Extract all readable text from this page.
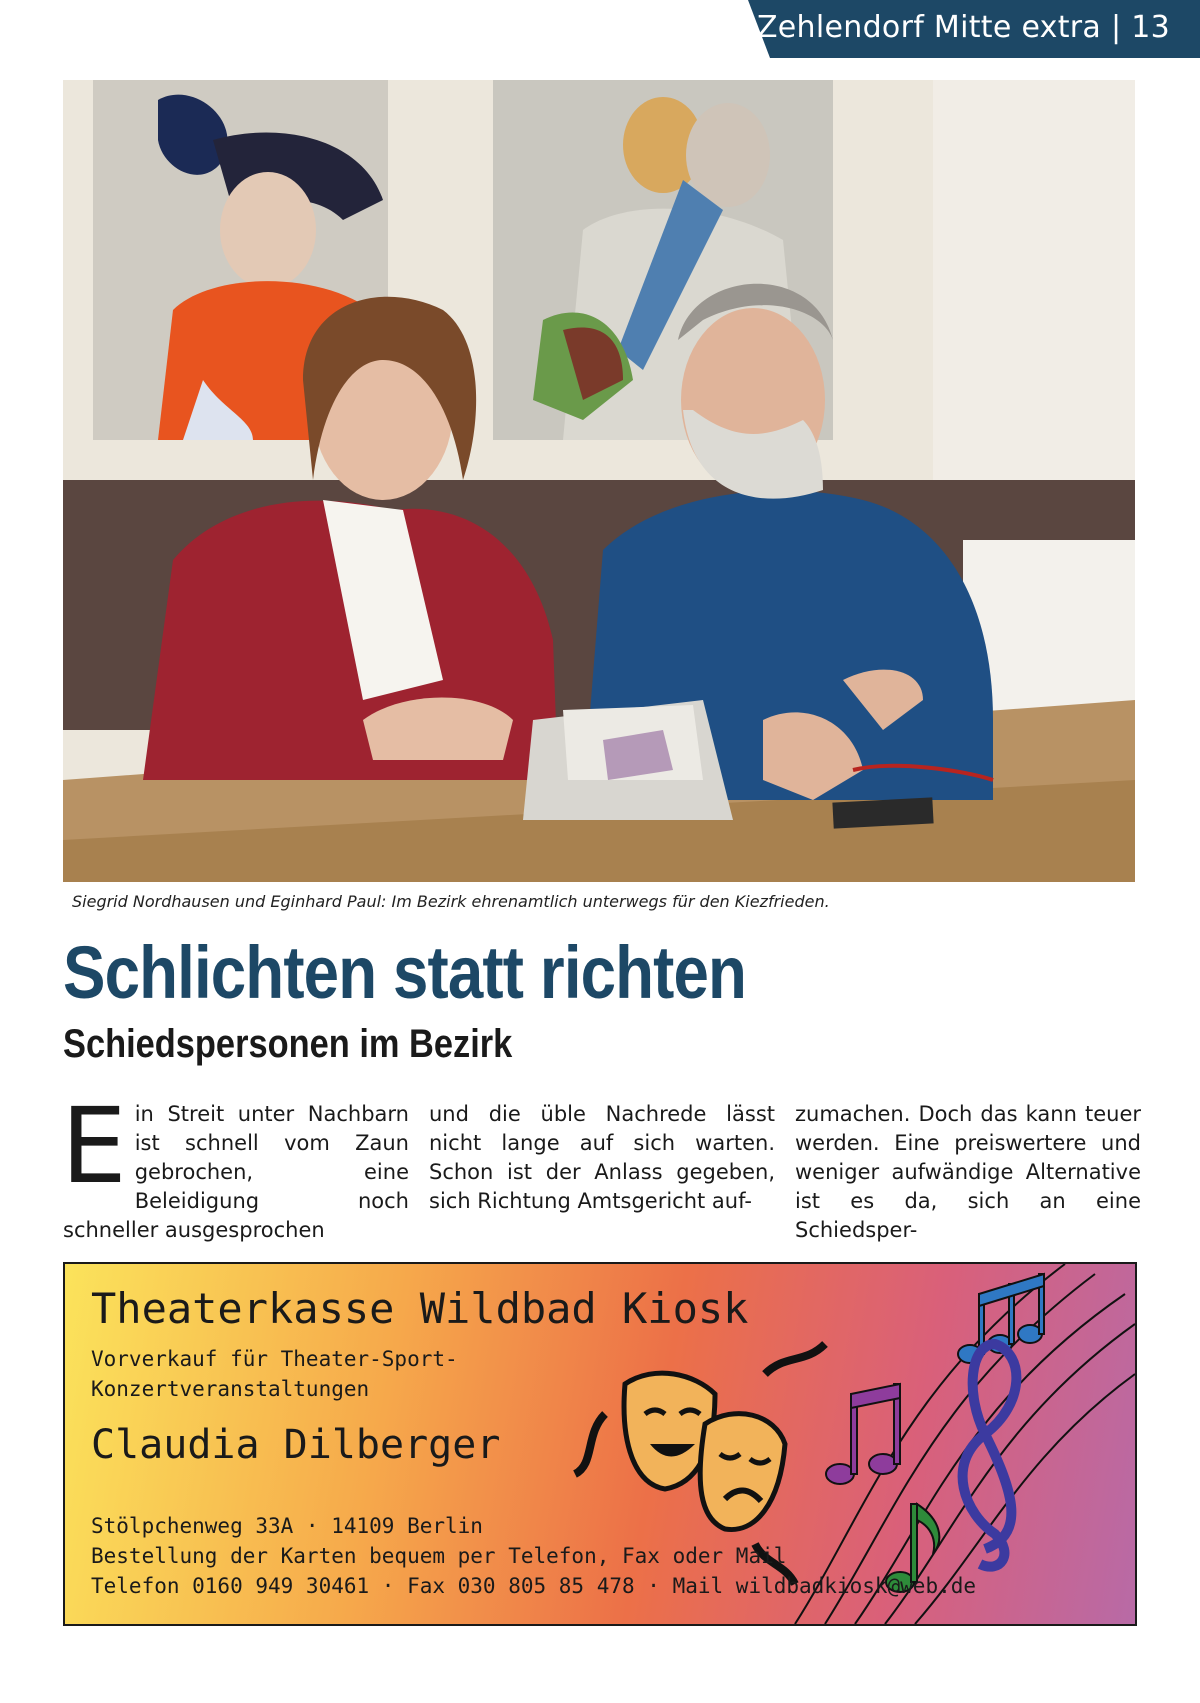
Zehlendorf Mitte extra | 13
Siegrid Nordhausen und Eginhard Paul: Im Bezirk ehrenamtlich unterwegs für den Kiezfrieden.
Schlichten statt richten
Schiedspersonen im Bezirk
Ein Streit unter Nachbarn ist schnell vom Zaun gebrochen, eine Beleidigung noch schneller ausgesprochen
und die üble Nachrede lässt nicht lange auf sich warten. Schon ist der Anlass gegeben, sich Richtung Amtsgericht auf-
zumachen. Doch das kann teuer werden. Eine preiswertere und weniger aufwändige Alternative ist es da, sich an eine Schiedsper-
Theaterkasse Wildbad Kiosk
Vorverkauf für Theater-Sport-Konzertveranstaltungen
Claudia Dilberger
Stölpchenweg 33A · 14109 Berlin
Bestellung der Karten bequem per Telefon, Fax oder Mail
Telefon 0160 949 30461 · Fax 030 805 85 478 · Mail wildbadkiosk@web.de
